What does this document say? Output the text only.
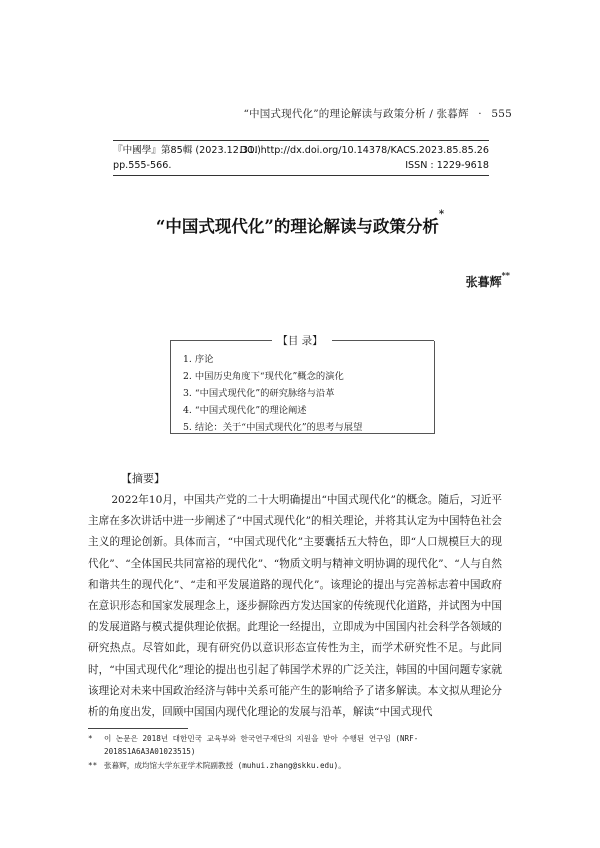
“中国式现代化”的理论解读与政策分析 / 张暮辉 · 555
『中國學』第85輯 (2023.12.31.)
DOI http://dx.doi.org/10.14378/KACS.2023.85.85.26
pp.555-566.	ISSN : 1229-9618
“中国式现代化”的理论解读与政策分析*
张暮辉**
【目 录】
1. 序论
2. 中国历史角度下“现代化”概念的演化
3. “中国式现代化”的研究脉络与沿革
4. “中国式现代化”的理论阐述
5. 结论：关于“中国式现代化”的思考与展望
【摘要】

2022年10月，中国共产党的二十大明确提出“中国式现代化”的概念。随后，习近平主席在多次讲话中进一步阐述了“中国式现代化”的相关理论，并将其认定为中国特色社会主义的理论创新。具体而言，“中国式现代化”主要囊括五大特色，即“人口规模巨大的现代化”、“全体国民共同富裕的现代化”、“物质文明与精神文明协调的现代化”、“人与自然和谐共生的现代化”、“走和平发展道路的现代化”。该理论的提出与完善标志着中国政府在意识形态和国家发展理念上，逐步摒除西方发达国家的传统现代化道路，并试图为中国的发展道路与模式提供理论依据。此理论一经提出，立即成为中国国内社会科学各领域的研究热点。尽管如此，现有研究仍以意识形态宣传性为主，而学术研究性不足。与此同时，“中国式现代化”理论的提出也引起了韩国学术界的广泛关注，韩国的中国问题专家就该理论对未来中国政治经济与韩中关系可能产生的影响给予了诸多解读。本文拟从理论分析的角度出发，回顾中国国内现代化理论的发展与沿革，解读“中国式现代

* 이 논문은 2018년 대한민국 교육부와 한국연구재단의 지원을 받아 수행된 연구임 (NRF-2018S1A6A3A01023515)
** 张暮辉，成均馆大学东亚学术院副教授 (muhui.zhang@skku.edu)。
